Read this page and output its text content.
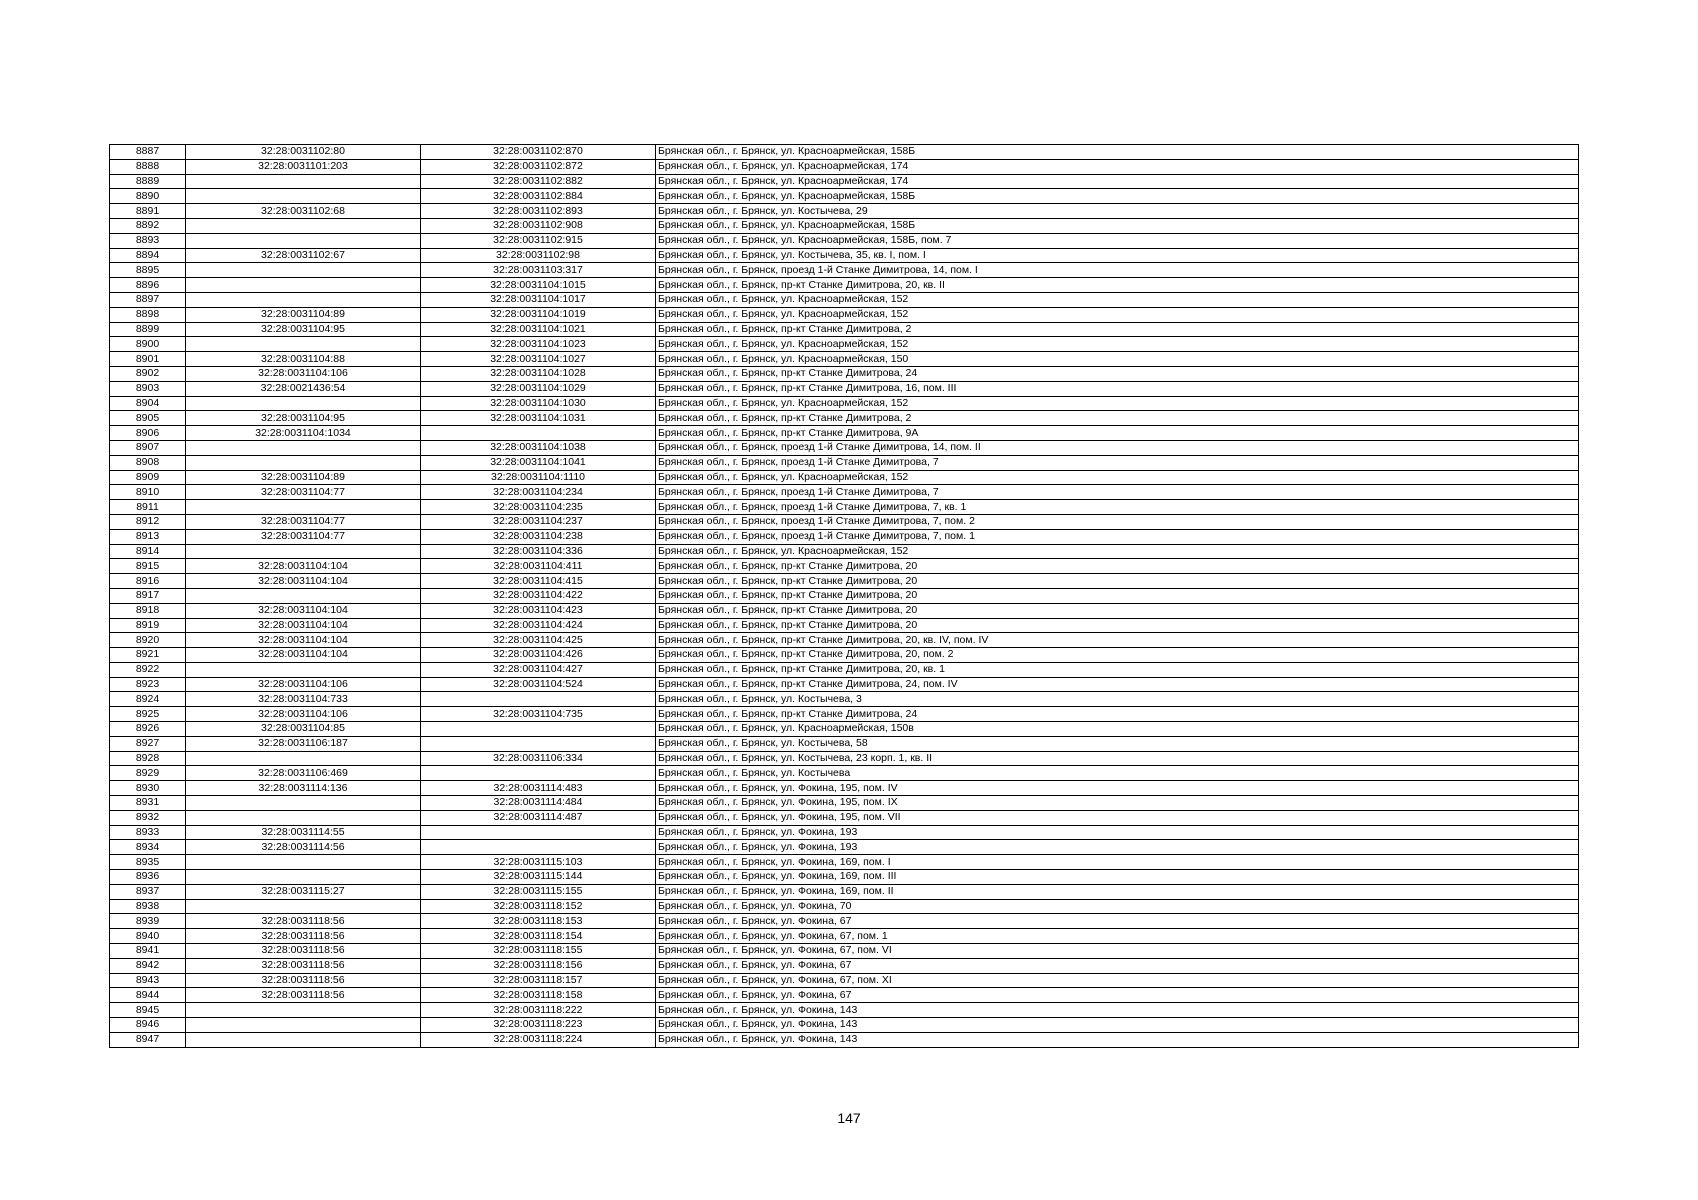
8887	32:28:0031102:80	32:28:0031102:870	Брянская обл., г. Брянск, ул. Красноармейская, 158Б
8888	32:28:0031101:203	32:28:0031102:872	Брянская обл., г. Брянск, ул. Красноармейская, 174
8889		32:28:0031102:882	Брянская обл., г. Брянск, ул. Красноармейская, 174
8890		32:28:0031102:884	Брянская обл., г. Брянск, ул. Красноармейская, 158Б
8891	32:28:0031102:68	32:28:0031102:893	Брянская обл., г. Брянск, ул. Костычева, 29
8892		32:28:0031102:908	Брянская обл., г. Брянск, ул. Красноармейская, 158Б
8893		32:28:0031102:915	Брянская обл., г. Брянск, ул. Красноармейская, 158Б, пом. 7
8894	32:28:0031102:67	32:28:0031102:98	Брянская обл., г. Брянск, ул. Костычева, 35, кв. I, пом. I
8895		32:28:0031103:317	Брянская обл., г. Брянск, проезд 1-й Станке Димитрова, 14, пом. I
8896		32:28:0031104:1015	Брянская обл., г. Брянск, пр-кт Станке Димитрова, 20, кв. II
8897		32:28:0031104:1017	Брянская обл., г. Брянск, ул. Красноармейская, 152
8898	32:28:0031104:89	32:28:0031104:1019	Брянская обл., г. Брянск, ул. Красноармейская, 152
8899	32:28:0031104:95	32:28:0031104:1021	Брянская обл., г. Брянск, пр-кт Станке Димитрова, 2
8900		32:28:0031104:1023	Брянская обл., г. Брянск, ул. Красноармейская, 152
8901	32:28:0031104:88	32:28:0031104:1027	Брянская обл., г. Брянск, ул. Красноармейская, 150
8902	32:28:0031104:106	32:28:0031104:1028	Брянская обл., г. Брянск, пр-кт Станке Димитрова, 24
8903	32:28:0021436:54	32:28:0031104:1029	Брянская обл., г. Брянск, пр-кт Станке Димитрова, 16, пом. III
8904		32:28:0031104:1030	Брянская обл., г. Брянск, ул. Красноармейская, 152
8905	32:28:0031104:95	32:28:0031104:1031	Брянская обл., г. Брянск, пр-кт Станке Димитрова, 2
8906	32:28:0031104:1034		Брянская обл., г. Брянск, пр-кт Станке Димитрова, 9А
8907		32:28:0031104:1038	Брянская обл., г. Брянск, проезд 1-й Станке Димитрова, 14, пом. II
8908		32:28:0031104:1041	Брянская обл., г. Брянск, проезд 1-й Станке Димитрова, 7
8909	32:28:0031104:89	32:28:0031104:1110	Брянская обл., г. Брянск, ул. Красноармейская, 152
8910	32:28:0031104:77	32:28:0031104:234	Брянская обл., г. Брянск, проезд 1-й Станке Димитрова, 7
8911		32:28:0031104:235	Брянская обл., г. Брянск, проезд 1-й Станке Димитрова, 7, кв. 1
8912	32:28:0031104:77	32:28:0031104:237	Брянская обл., г. Брянск, проезд 1-й Станке Димитрова, 7, пом. 2
8913	32:28:0031104:77	32:28:0031104:238	Брянская обл., г. Брянск, проезд 1-й Станке Димитрова, 7, пом. 1
8914		32:28:0031104:336	Брянская обл., г. Брянск, ул. Красноармейская, 152
8915	32:28:0031104:104	32:28:0031104:411	Брянская обл., г. Брянск, пр-кт Станке Димитрова, 20
8916	32:28:0031104:104	32:28:0031104:415	Брянская обл., г. Брянск, пр-кт Станке Димитрова, 20
8917		32:28:0031104:422	Брянская обл., г. Брянск, пр-кт Станке Димитрова, 20
8918	32:28:0031104:104	32:28:0031104:423	Брянская обл., г. Брянск, пр-кт Станке Димитрова, 20
8919	32:28:0031104:104	32:28:0031104:424	Брянская обл., г. Брянск, пр-кт Станке Димитрова, 20
8920	32:28:0031104:104	32:28:0031104:425	Брянская обл., г. Брянск, пр-кт Станке Димитрова, 20, кв. IV, пом. IV
8921	32:28:0031104:104	32:28:0031104:426	Брянская обл., г. Брянск, пр-кт Станке Димитрова, 20, пом. 2
8922		32:28:0031104:427	Брянская обл., г. Брянск, пр-кт Станке Димитрова, 20, кв. 1
8923	32:28:0031104:106	32:28:0031104:524	Брянская обл., г. Брянск, пр-кт Станке Димитрова, 24, пом. IV
8924	32:28:0031104:733		Брянская обл., г. Брянск, ул. Костычева, 3
8925	32:28:0031104:106	32:28:0031104:735	Брянская обл., г. Брянск, пр-кт Станке Димитрова, 24
8926	32:28:0031104:85		Брянская обл., г. Брянск, ул. Красноармейская, 150в
8927	32:28:0031106:187		Брянская обл., г. Брянск, ул. Костычева, 58
8928		32:28:0031106:334	Брянская обл., г. Брянск, ул. Костычева, 23 корп. 1, кв. II
8929	32:28:0031106:469		Брянская обл., г. Брянск, ул. Костычева
8930	32:28:0031114:136	32:28:0031114:483	Брянская обл., г. Брянск, ул. Фокина, 195, пом. IV
8931		32:28:0031114:484	Брянская обл., г. Брянск, ул. Фокина, 195, пом. IX
8932		32:28:0031114:487	Брянская обл., г. Брянск, ул. Фокина, 195, пом. VII
8933	32:28:0031114:55		Брянская обл., г. Брянск, ул. Фокина, 193
8934	32:28:0031114:56		Брянская обл., г. Брянск, ул. Фокина, 193
8935		32:28:0031115:103	Брянская обл., г. Брянск, ул. Фокина, 169, пом. I
8936		32:28:0031115:144	Брянская обл., г. Брянск, ул. Фокина, 169, пом. III
8937	32:28:0031115:27	32:28:0031115:155	Брянская обл., г. Брянск, ул. Фокина, 169, пом. II
8938		32:28:0031118:152	Брянская обл., г. Брянск, ул. Фокина, 70
8939	32:28:0031118:56	32:28:0031118:153	Брянская обл., г. Брянск, ул. Фокина, 67
8940	32:28:0031118:56	32:28:0031118:154	Брянская обл., г. Брянск, ул. Фокина, 67, пом. 1
8941	32:28:0031118:56	32:28:0031118:155	Брянская обл., г. Брянск, ул. Фокина, 67, пом. VI
8942	32:28:0031118:56	32:28:0031118:156	Брянская обл., г. Брянск, ул. Фокина, 67
8943	32:28:0031118:56	32:28:0031118:157	Брянская обл., г. Брянск, ул. Фокина, 67, пом. XI
8944	32:28:0031118:56	32:28:0031118:158	Брянская обл., г. Брянск, ул. Фокина, 67
8945		32:28:0031118:222	Брянская обл., г. Брянск, ул. Фокина, 143
8946		32:28:0031118:223	Брянская обл., г. Брянск, ул. Фокина, 143
8947		32:28:0031118:224	Брянская обл., г. Брянск, ул. Фокина, 143
147
